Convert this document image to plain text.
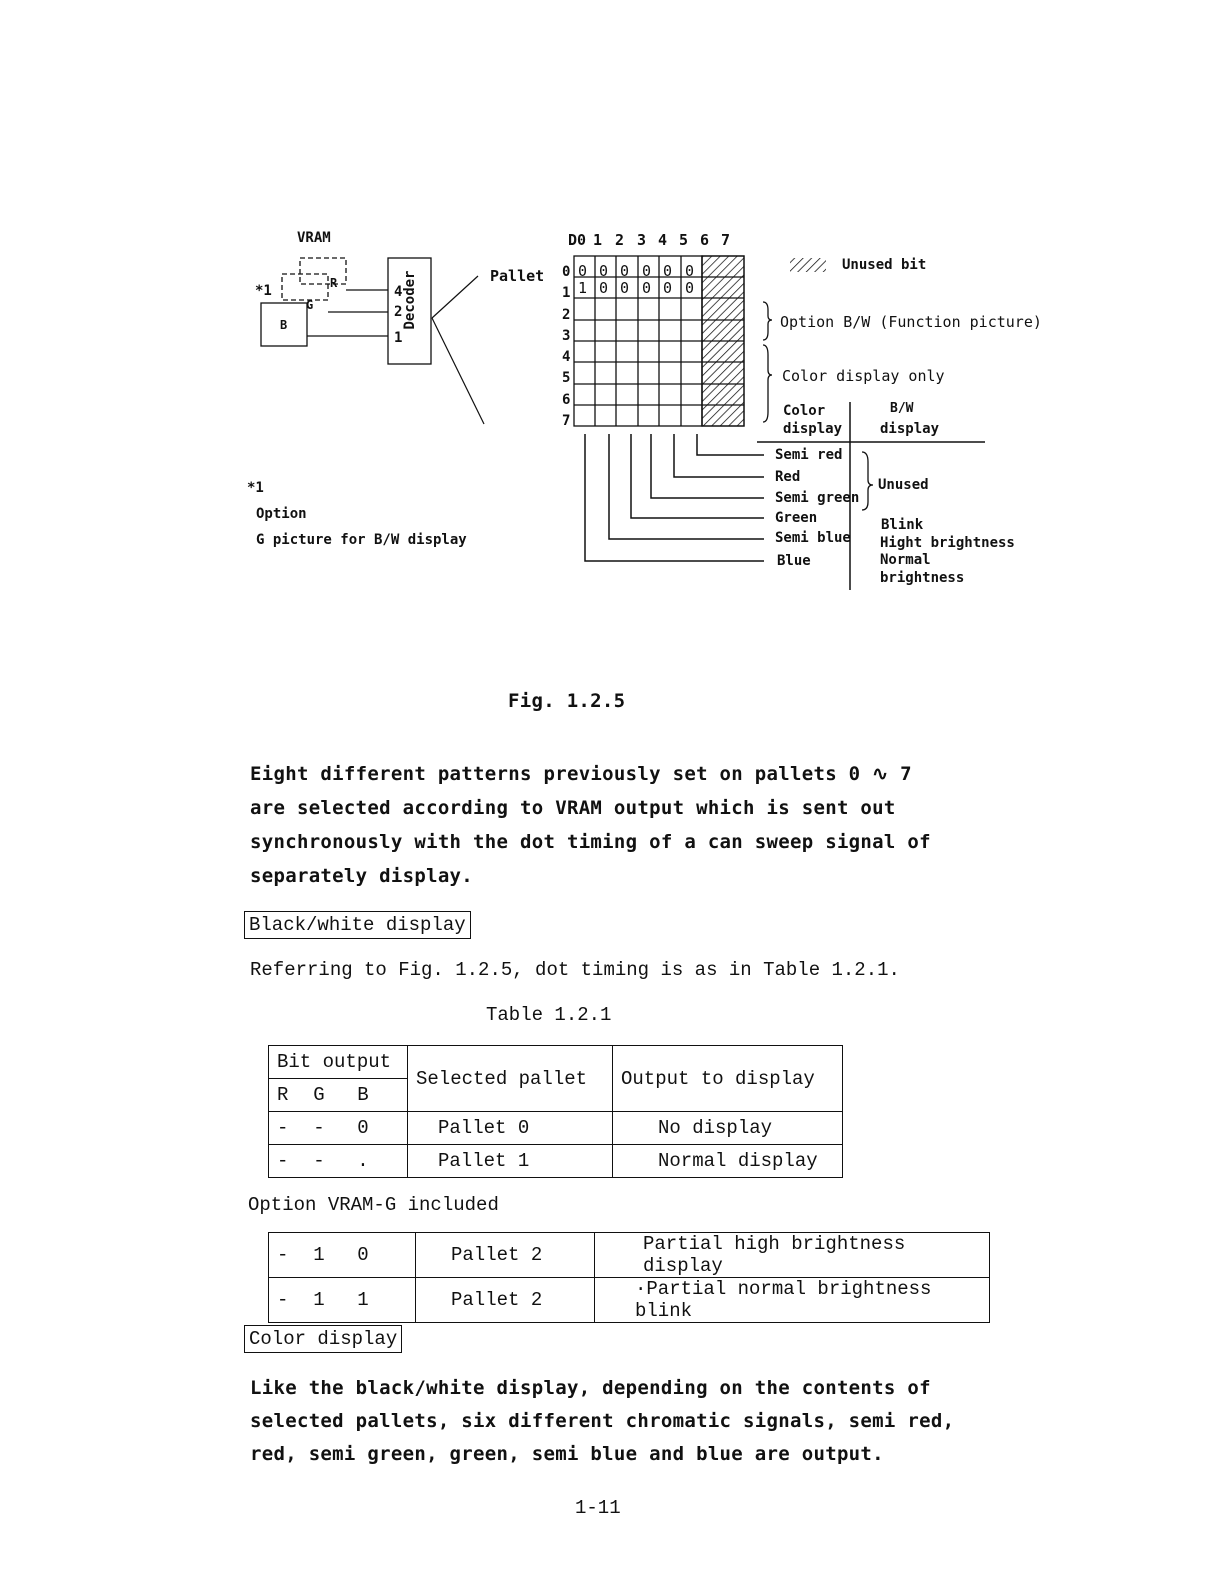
VRAM
R
G
B
*1	4
2
1
Decoder	Pallet
D0 1 2 3 4 5 6 7
0
1
2
3
4
5
6
7
0 0 0 0 0 0
1 0 0 0 0 0
Unused bit
Option B/W (Function picture)
Color display only
Color
display
B/W
display
Semi red
Red
Semi green
Green
Semi blue
Blue
Unused
Blink
Hight brightness
Normal
brightness
*1
Option
G picture for B/W display
Fig. 1.2.5
Eight different patterns previously set on pallets 0 ∿ 7
are selected according to VRAM output which is sent out
synchronously with the dot timing of a can sweep signal of
separately display.
Black/white display
Referring to Fig. 1.2.5, dot timing is as in Table 1.2.1.
Table 1.2.1
Bit output	Selected pallet	Output to display
R G B		
- - 0	Pallet 0	No display
- - .	Pallet 1	Normal display
Option VRAM-G included
- 1 0	Pallet 2	Partial high brightness display
- 1 1	Pallet 2	·Partial normal brightness blink
Color display
Like the black/white display, depending on the contents of
selected pallets, six different chromatic signals, semi red,
red, semi green, green, semi blue and blue are output.
1-11
